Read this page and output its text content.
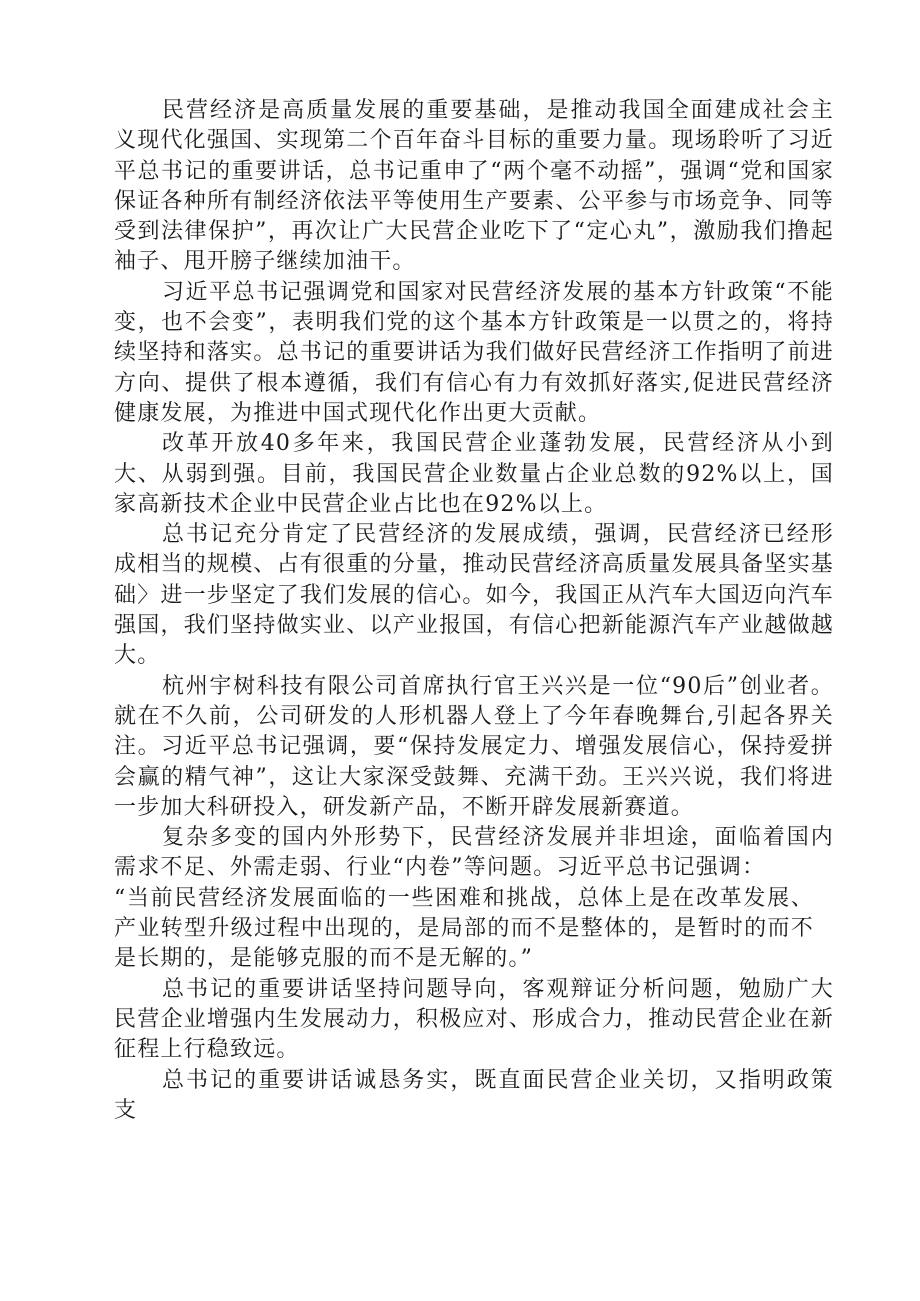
民营经济是高质量发展的重要基础，是推动我国全面建成社会主义现代化强国、实现第二个百年奋斗目标的重要力量。现场聆听了习近平总书记的重要讲话，总书记重申了“两个毫不动摇”，强调“党和国家保证各种所有制经济依法平等使用生产要素、公平参与市场竞争、同等受到法律保护”，再次让广大民营企业吃下了“定心丸”，激励我们撸起袖子、甩开膀子继续加油干。

习近平总书记强调党和国家对民营经济发展的基本方针政策“不能变，也不会变”，表明我们党的这个基本方针政策是一以贯之的，将持续坚持和落实。总书记的重要讲话为我们做好民营经济工作指明了前进方向、提供了根本遵循，我们有信心有力有效抓好落实,促进民营经济健康发展，为推进中国式现代化作出更大贡献。

改革开放40多年来，我国民营企业蓬勃发展，民营经济从小到大、从弱到强。目前，我国民营企业数量占企业总数的92%以上，国家高新技术企业中民营企业占比也在92%以上。

总书记充分肯定了民营经济的发展成绩，强调，民营经济已经形成相当的规模、占有很重的分量，推动民营经济高质量发展具备坚实基础〉进一步坚定了我们发展的信心。如今，我国正从汽车大国迈向汽车强国，我们坚持做实业、以产业报国，有信心把新能源汽车产业越做越大。

杭州宇树科技有限公司首席执行官王兴兴是一位“90后”创业者。就在不久前，公司研发的人形机器人登上了今年春晚舞台,引起各界关注。习近平总书记强调，要“保持发展定力、增强发展信心，保持爱拼会赢的精气神”，这让大家深受鼓舞、充满干劲。王兴兴说，我们将进一步加大科研投入，研发新产品，不断开辟发展新赛道。

复杂多变的国内外形势下，民营经济发展并非坦途，面临着国内需求不足、外需走弱、行业“内卷”等问题。习近平总书记强调：

“当前民营经济发展面临的一些困难和挑战，总体上是在改革发展、产业转型升级过程中出现的，是局部的而不是整体的，是暂时的而不是长期的，是能够克服的而不是无解的。”

总书记的重要讲话坚持问题导向，客观辩证分析问题，勉励广大民营企业增强内生发展动力，积极应对、形成合力，推动民营企业在新征程上行稳致远。

总书记的重要讲话诚恳务实，既直面民营企业关切，又指明政策支
